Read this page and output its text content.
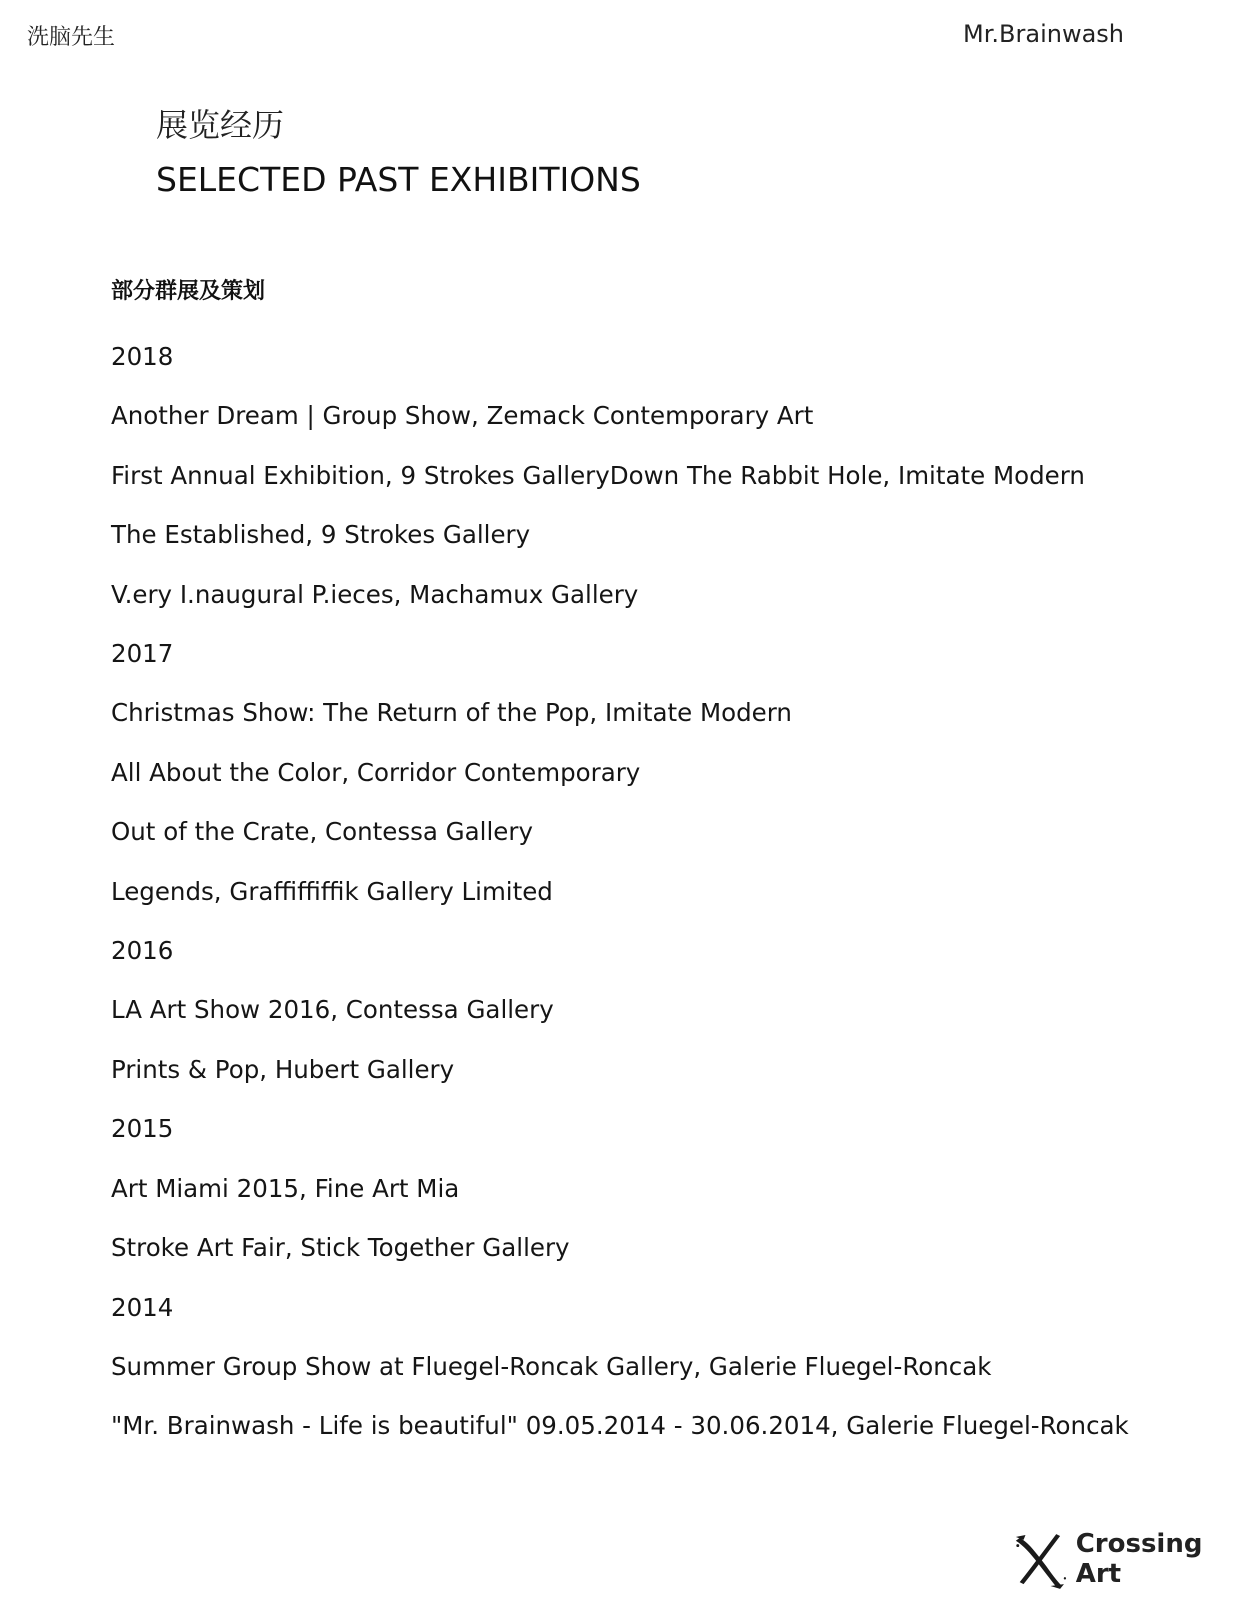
洗脑先生	Mr.Brainwash
展览经历
SELECTED PAST EXHIBITIONS
部分群展及策划
2018
Another Dream | Group Show, Zemack Contemporary Art
First Annual Exhibition, 9 Strokes GalleryDown The Rabbit Hole, Imitate Modern
The Established, 9 Strokes Gallery
V.ery I.naugural P.ieces, Machamux Gallery
2017
Christmas Show: The Return of the Pop, Imitate Modern
All About the Color, Corridor Contemporary
Out of the Crate, Contessa Gallery
Legends, Graffiffiffik Gallery Limited
2016
LA Art Show 2016, Contessa Gallery
Prints & Pop, Hubert Gallery
2015
Art Miami 2015, Fine Art Mia
Stroke Art Fair, Stick Together Gallery
2014
Summer Group Show at Fluegel-Roncak Gallery, Galerie Fluegel-Roncak
"Mr. Brainwash - Life is beautiful" 09.05.2014 - 30.06.2014, Galerie Fluegel-Roncak
Crossing Art
